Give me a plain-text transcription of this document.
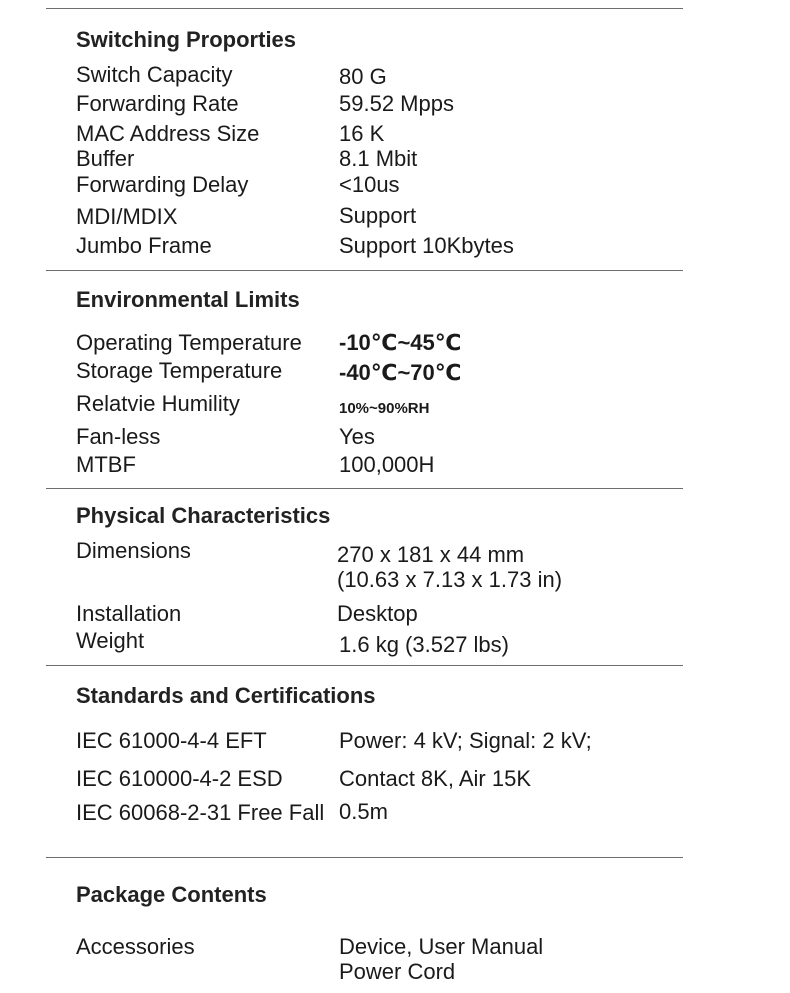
Switching Proporties
Switch Capacity	80 G
Forwarding Rate	59.52 Mpps
MAC Address Size	16 K
Buffer	8.1 Mbit
Forwarding Delay	<10us
MDI/MDIX	Support
Jumbo Frame	Support 10Kbytes
Environmental Limits
Operating Temperature -10℃~45℃
Storage Temperature	-40℃~70℃
Relatvie Humility	10%~90%RH
Fan-less	Yes
MTBF	100,000H
Physical Characteristics
Dimensions	270 x 181 x 44 mm
(10.63 x 7.13 x 1.73 in)
Installation	Desktop
Weight	1.6 kg (3.527 lbs)
Standards and Certifications
IEC 61000-4-4 EFT	Power: 4 kV; Signal: 2 kV;
IEC 610000-4-2 ESD	Contact 8K, Air 15K
IEC 60068-2-31 Free Fall 0.5m
Package Contents
Accessories	Device, User Manual
Power Cord
